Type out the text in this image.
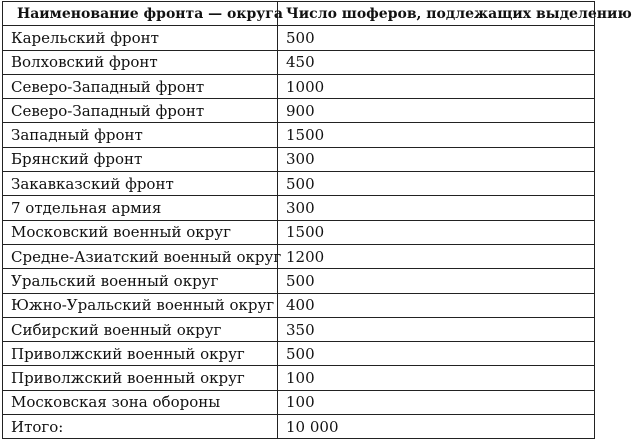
Наименование фронта — округа	Число шоферов, подлежащих выделению
Карельский фронт	500
Волховский фронт	450
Северо-Западный фронт	1000
Северо-Западный фронт	900
Западный фронт	1500
Брянский фронт	300
Закавказский фронт	500
7 отдельная армия	300
Московский военный округ	1500
Средне-Азиатский военный округ	1200
Уральский военный округ	500
Южно-Уральский военный округ	400
Сибирский военный округ	350
Приволжский военный округ	500
Приволжский военный округ	100
Московская зона обороны	100
Итого:	10 000
